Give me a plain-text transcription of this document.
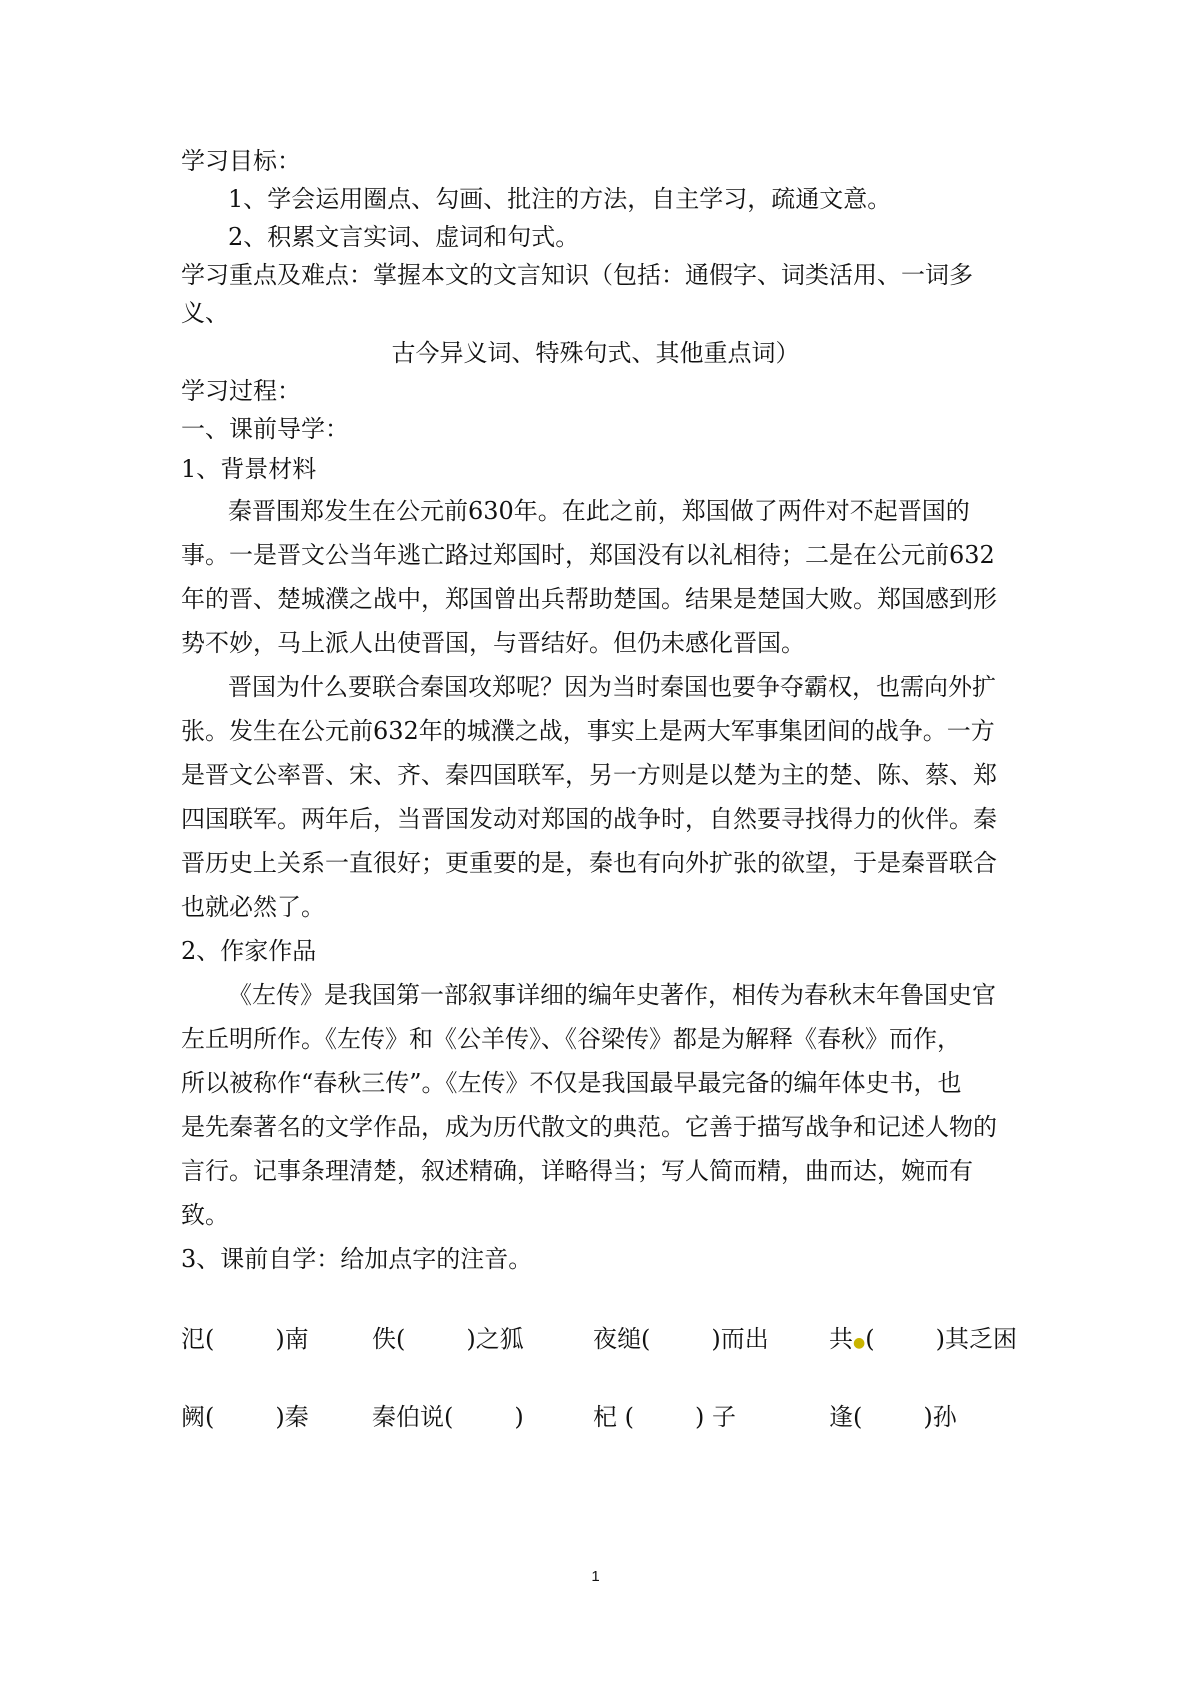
学习目标：
1、学会运用圈点、勾画、批注的方法，自主学习，疏通文意。
2、积累文言实词、虚词和句式。
学习重点及难点：掌握本文的文言知识（包括：通假字、词类活用、一词多
义、
古今异义词、特殊句式、其他重点词）
学习过程：
一、课前导学：
1、背景材料
秦晋围郑发生在公元前630年。在此之前，郑国做了两件对不起晋国的
事。一是晋文公当年逃亡路过郑国时，郑国没有以礼相待；二是在公元前632
年的晋、楚城濮之战中，郑国曾出兵帮助楚国。结果是楚国大败。郑国感到形
势不妙，马上派人出使晋国，与晋结好。但仍未感化晋国。
晋国为什么要联合秦国攻郑呢？因为当时秦国也要争夺霸权，也需向外扩
张。发生在公元前632年的城濮之战，事实上是两大军事集团间的战争。一方
是晋文公率晋、宋、齐、秦四国联军，另一方则是以楚为主的楚、陈、蔡、郑
四国联军。两年后，当晋国发动对郑国的战争时，自然要寻找得力的伙伴。秦
晋历史上关系一直很好；更重要的是，秦也有向外扩张的欲望，于是秦晋联合
也就必然了。
2、作家作品
《左传》是我国第一部叙事详细的编年史著作，相传为春秋末年鲁国史官
左丘明所作。《左传》和《公羊传》、《谷梁传》都是为解释《春秋》而作，
所以被称作“春秋三传”。《左传》不仅是我国最早最完备的编年体史书，也
是先秦著名的文学作品，成为历代散文的典范。它善于描写战争和记述人物的
言行。记事条理清楚，叙述精确，详略得当；写人简而精，曲而达，婉而有
致。
3、课前自学：给加点字的注音。
氾(        )南	佚(        )之狐	夜缒(        )而出	共●(        )其乏困
阙(        )秦	秦伯说(        )	杞 (        ) 子	逢(        )孙
1
